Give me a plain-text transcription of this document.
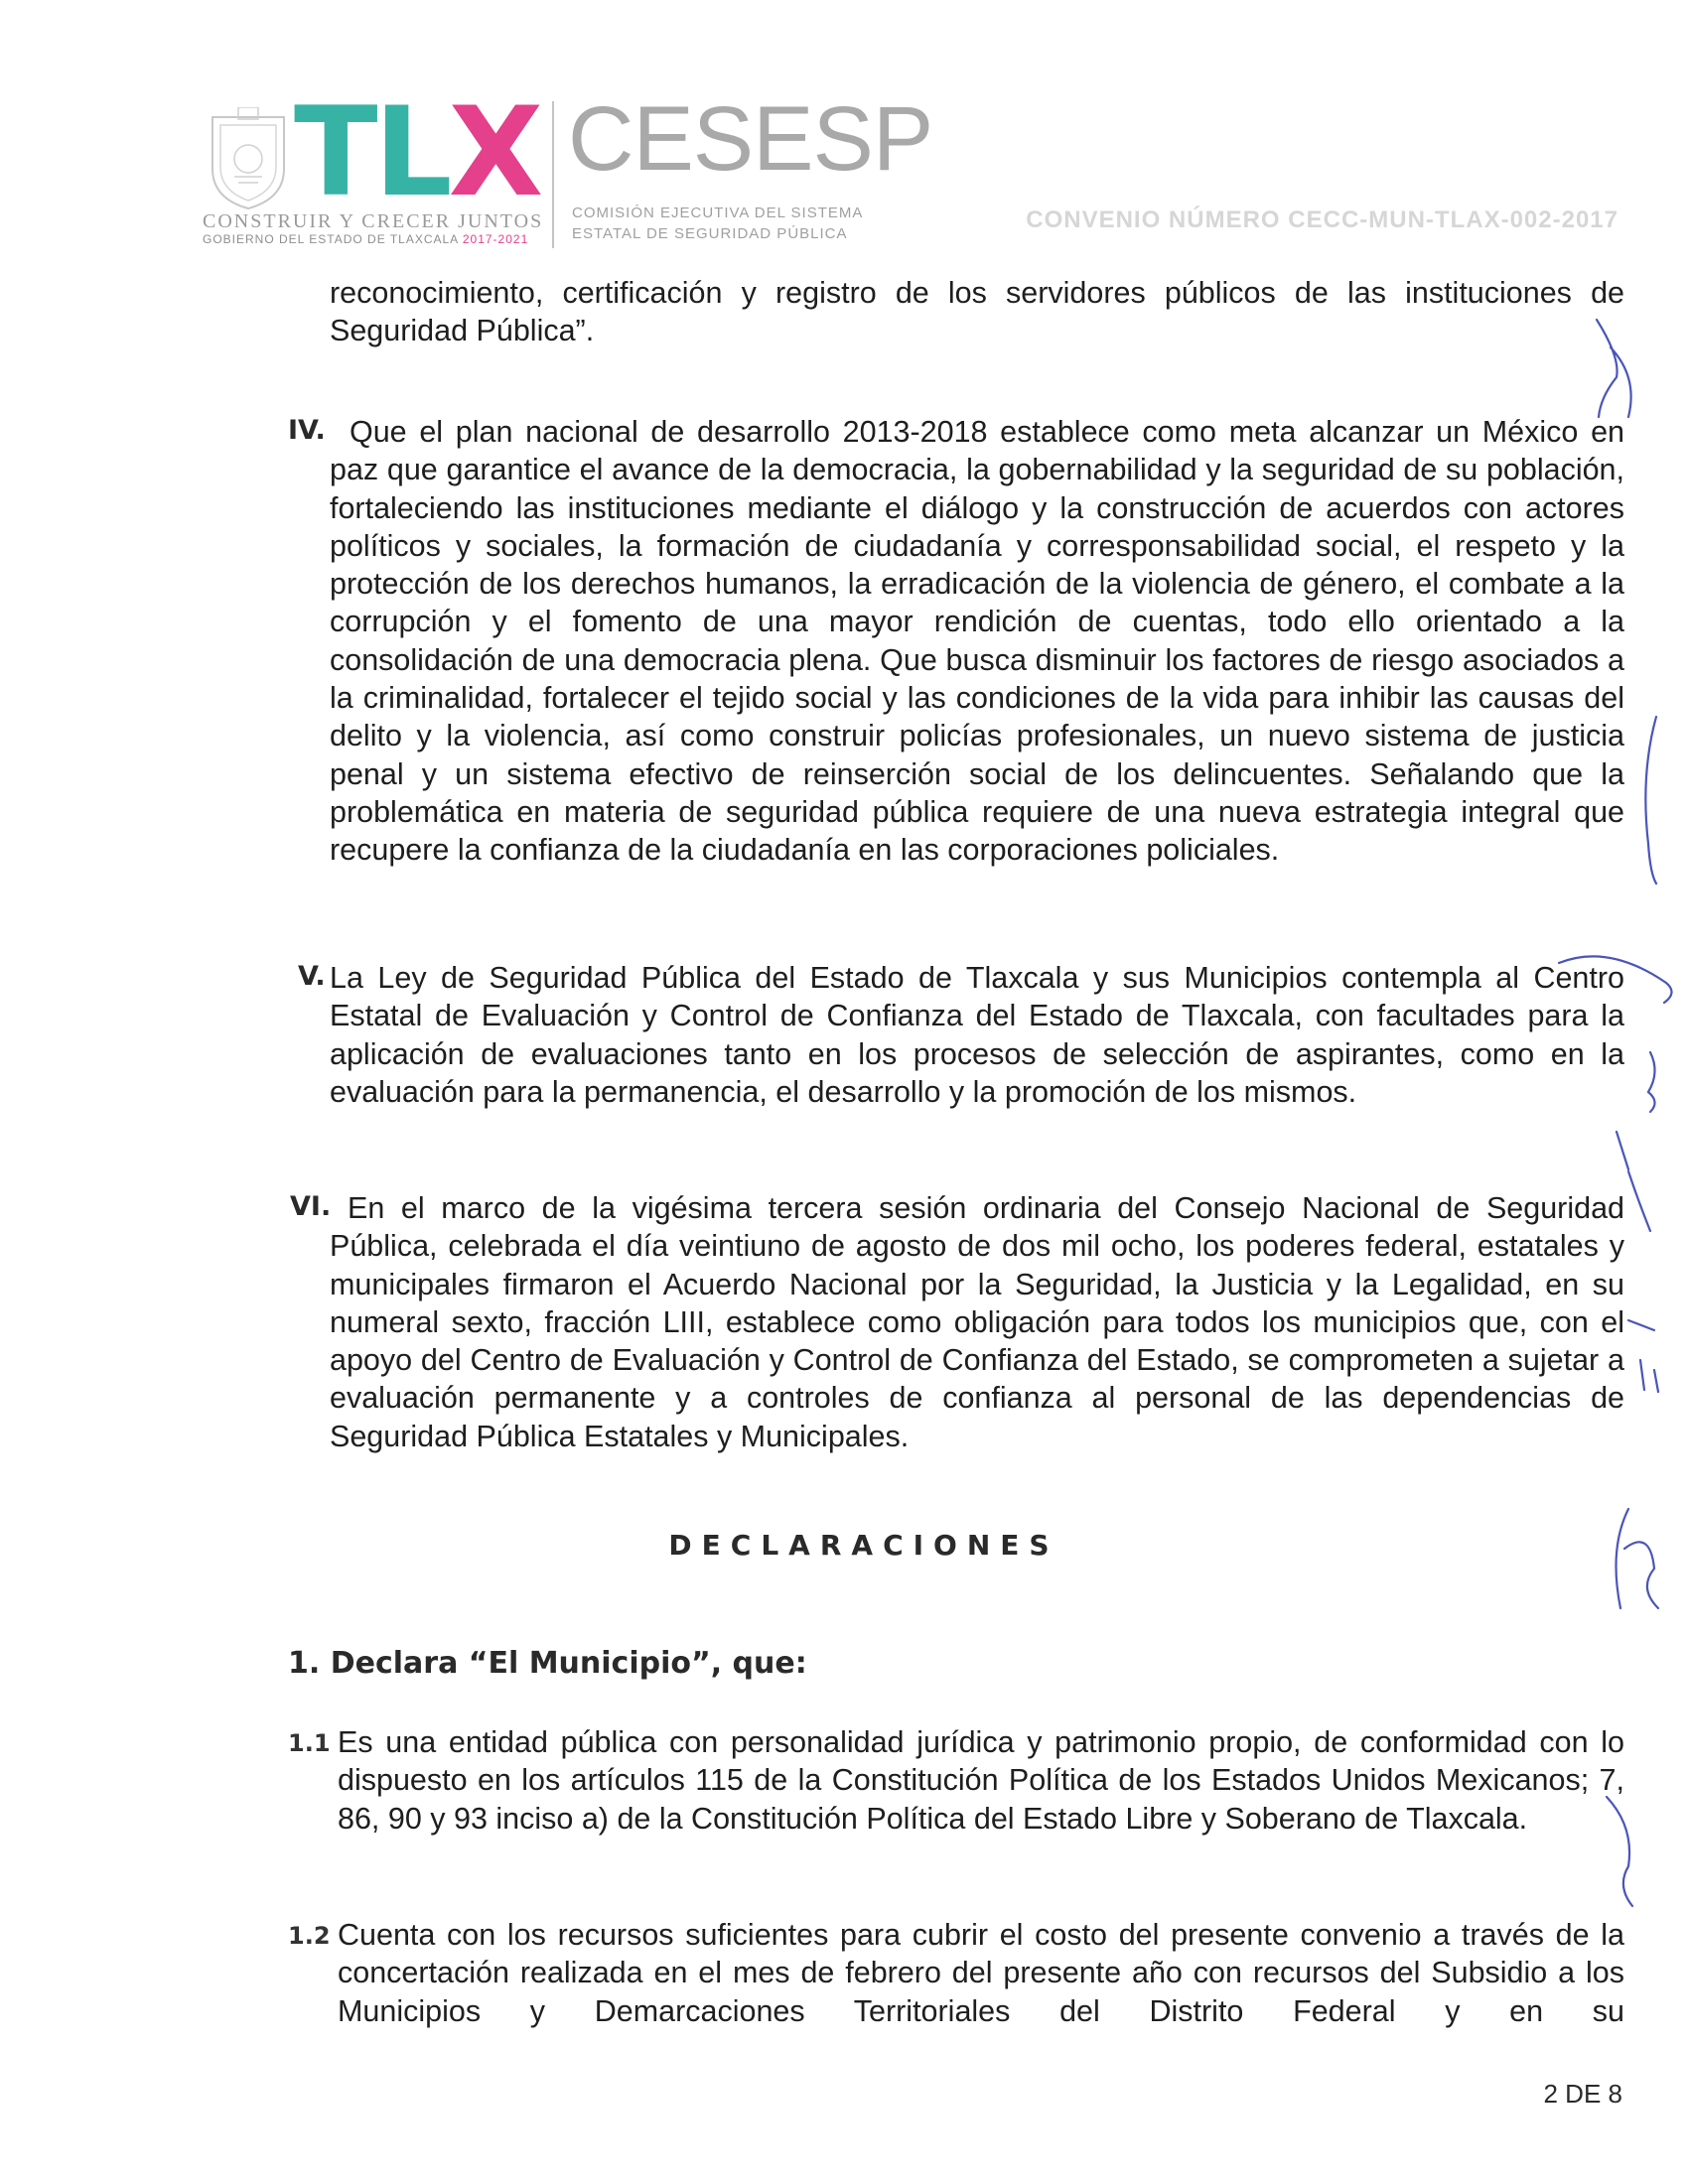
TLX
CONSTRUIR Y CRECER JUNTOS
GOBIERNO DEL ESTADO DE TLAXCALA 2017-2021
CESESP
COMISIÓN EJECUTIVA DEL SISTEMA
ESTATAL DE SEGURIDAD PÚBLICA
CONVENIO NÚMERO CECC-MUN-TLAX-002-2017
reconocimiento, certificación y registro de los servidores públicos de las instituciones de Seguridad Pública”.
IV. Que el plan nacional de desarrollo 2013-2018 establece como meta alcanzar un México en paz que garantice el avance de la democracia, la gobernabilidad y la seguridad de su población, fortaleciendo las instituciones mediante el diálogo y la construcción de acuerdos con actores políticos y sociales, la formación de ciudadanía y corresponsabilidad social, el respeto y la protección de los derechos humanos, la erradicación de la violencia de género, el combate a la corrupción y el fomento de una mayor rendición de cuentas, todo ello orientado a la consolidación de una democracia plena. Que busca disminuir los factores de riesgo asociados a la criminalidad, fortalecer el tejido social y las condiciones de la vida para inhibir las causas del delito y la violencia, así como construir policías profesionales, un nuevo sistema de justicia penal y un sistema efectivo de reinserción social de los delincuentes. Señalando que la problemática en materia de seguridad pública requiere de una nueva estrategia integral que recupere la confianza de la ciudadanía en las corporaciones policiales.
V. La Ley de Seguridad Pública del Estado de Tlaxcala y sus Municipios contempla al Centro Estatal de Evaluación y Control de Confianza del Estado de Tlaxcala, con facultades para la aplicación de evaluaciones tanto en los procesos de selección de aspirantes, como en la evaluación para la permanencia, el desarrollo y la promoción de los mismos.
VI. En el marco de la vigésima tercera sesión ordinaria del Consejo Nacional de Seguridad Pública, celebrada el día veintiuno de agosto de dos mil ocho, los poderes federal, estatales y municipales firmaron el Acuerdo Nacional por la Seguridad, la Justicia y la Legalidad, en su numeral sexto, fracción LIII, establece como obligación para todos los municipios que, con el apoyo del Centro de Evaluación y Control de Confianza del Estado, se comprometen a sujetar a evaluación permanente y a controles de confianza al personal de las dependencias de Seguridad Pública Estatales y Municipales.
DECLARACIONES
1. Declara “El Municipio”, que:
1.1 Es una entidad pública con personalidad jurídica y patrimonio propio, de conformidad con lo dispuesto en los artículos 115 de la Constitución Política de los Estados Unidos Mexicanos; 7, 86, 90 y 93 inciso a) de la Constitución Política del Estado Libre y Soberano de Tlaxcala.
1.2 Cuenta con los recursos suficientes para cubrir el costo del presente convenio a través de la concertación realizada en el mes de febrero del presente año con recursos del Subsidio a los Municipios y Demarcaciones Territoriales del Distrito Federal y en su
2 DE 8
